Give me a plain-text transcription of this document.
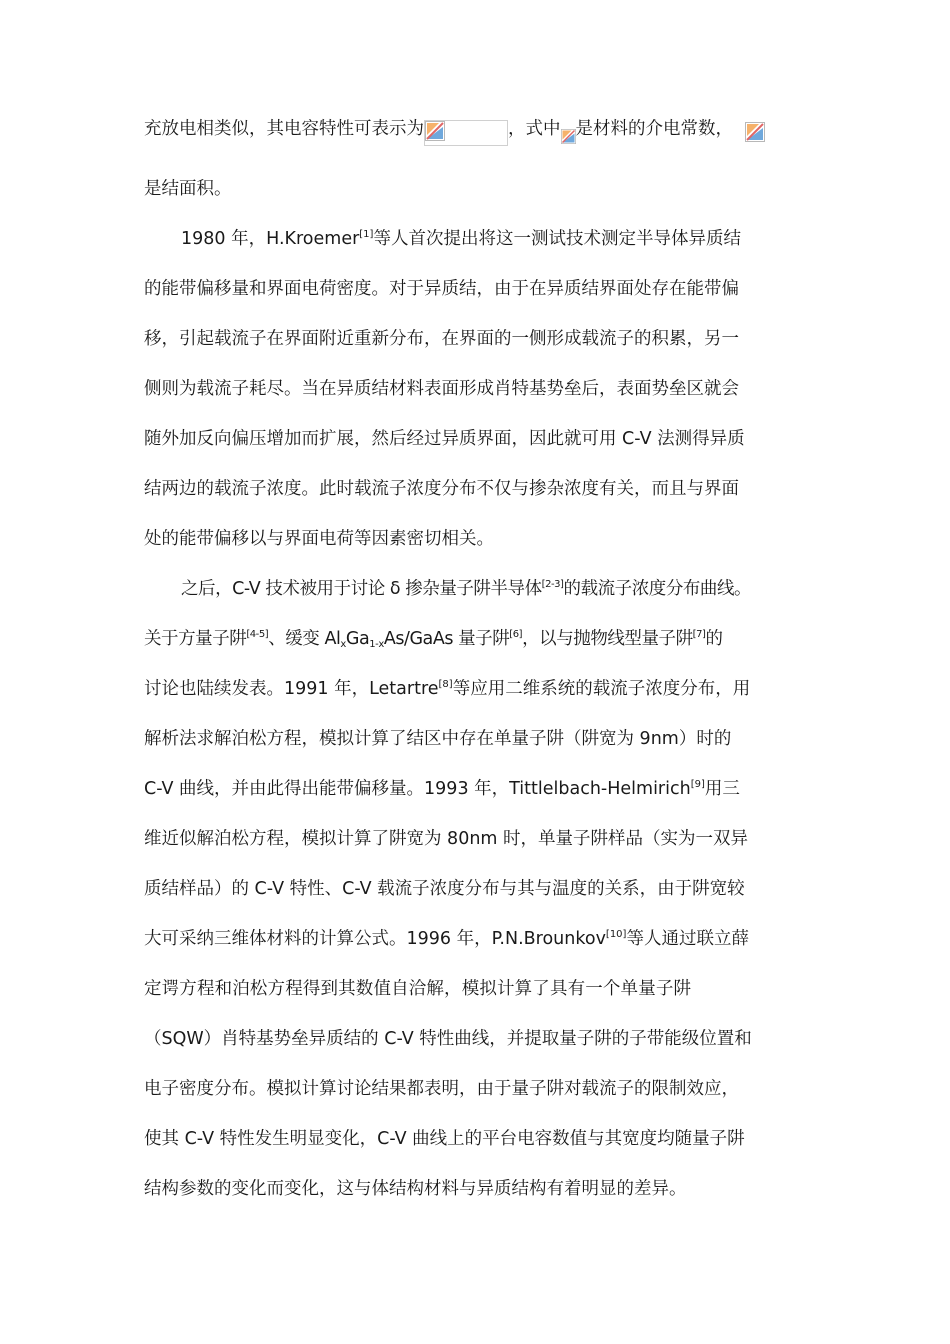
充放电相类似，其电容特性可表示为	，式中 是材料的介电常数，
是结面积。
1980 年，H.Kroemer[1]等人首次提出将这一测试技术测定半导体异质结
的能带偏移量和界面电荷密度。对于异质结，由于在异质结界面处存在能带偏
移，引起载流子在界面附近重新分布，在界面的一侧形成载流子的积累，另一
侧则为载流子耗尽。当在异质结材料表面形成肖特基势垒后，表面势垒区就会
随外加反向偏压增加而扩展，然后经过异质界面，因此就可用 C-V 法测得异质
结两边的载流子浓度。此时载流子浓度分布不仅与掺杂浓度有关，而且与界面
处的能带偏移以与界面电荷等因素密切相关。
之后，C-V 技术被用于讨论 δ 掺杂量子阱半导体[2-3]的载流子浓度分布曲线。
关于方量子阱[4-5]、缓变 $Al_xGa_{1-x}As$/GaAs 量子阱[6]，以与抛物线型量子阱[7]的
讨论也陆续发表。1991 年，Letartre[8]等应用二维系统的载流子浓度分布，用
解析法求解泊松方程，模拟计算了结区中存在单量子阱（阱宽为 9nm）时的
C-V 曲线，并由此得出能带偏移量。1993 年，Tittlelbach-Helmirich[9]用三
维近似解泊松方程，模拟计算了阱宽为 80nm 时，单量子阱样品（实为一双异
质结样品）的 C-V 特性、C-V 载流子浓度分布与其与温度的关系，由于阱宽较
大可采纳三维体材料的计算公式。1996 年，P.N.Brounkov[10]等人通过联立薛
定谔方程和泊松方程得到其数值自洽解，模拟计算了具有一个单量子阱
（SQW）肖特基势垒异质结的 C-V 特性曲线，并提取量子阱的子带能级位置和
电子密度分布。模拟计算讨论结果都表明，由于量子阱对载流子的限制效应，
使其 C-V 特性发生明显变化，C-V 曲线上的平台电容数值与其宽度均随量子阱
结构参数的变化而变化，这与体结构材料与异质结构有着明显的差异。
